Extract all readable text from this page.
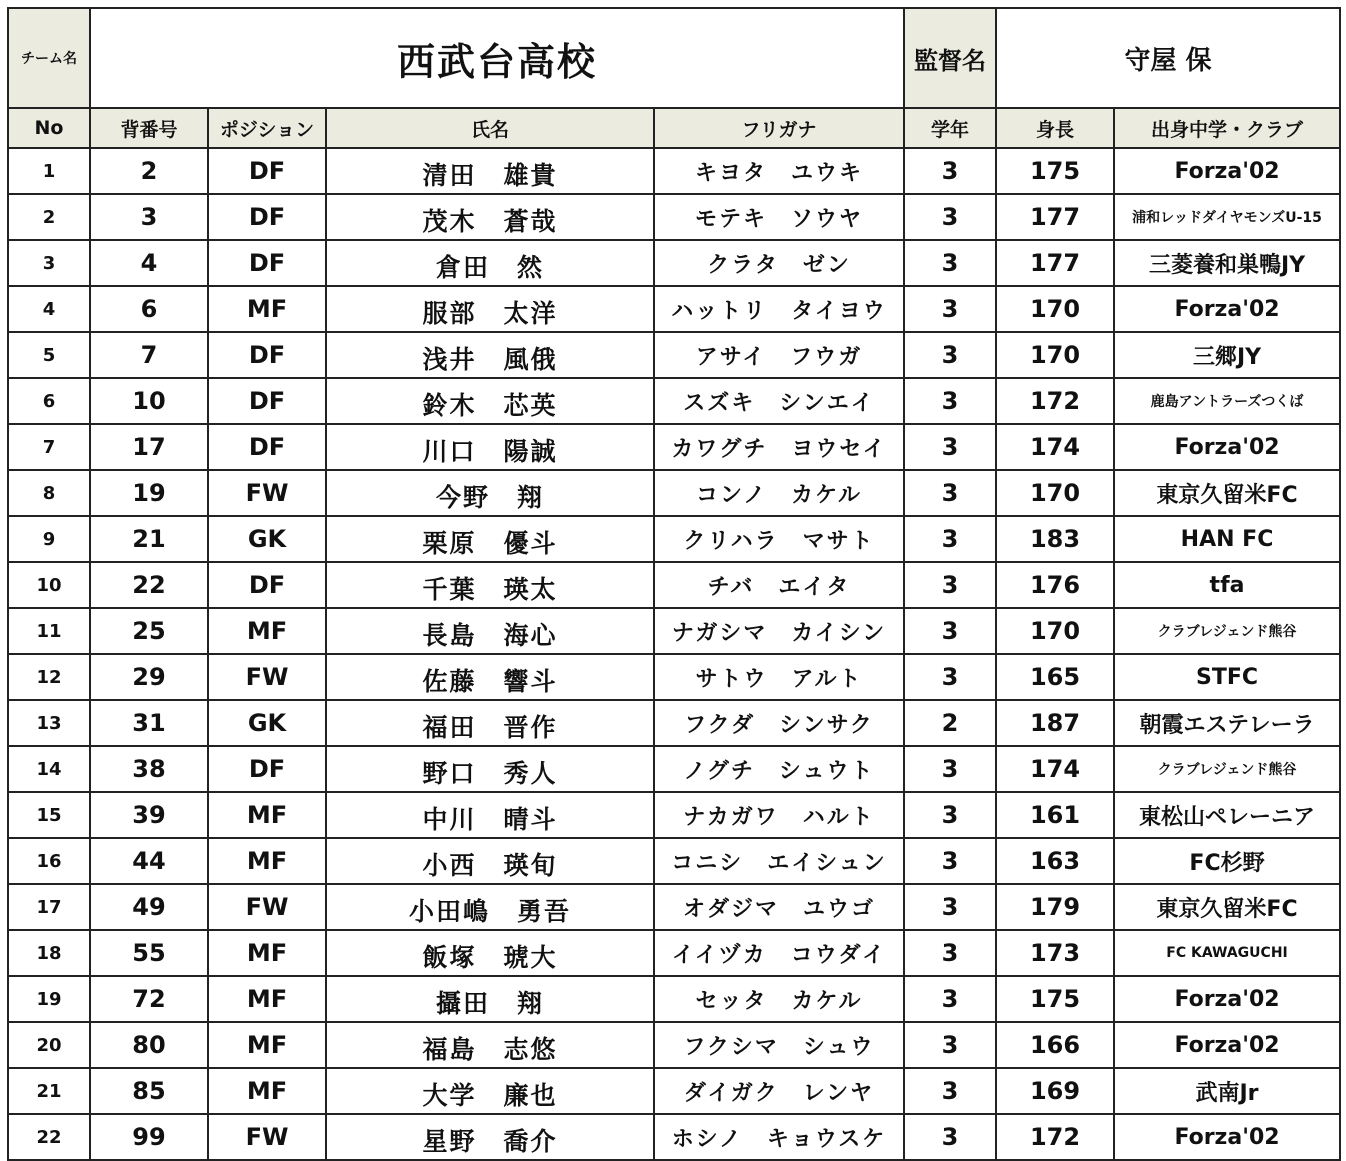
チーム名	西武台高校				監督名	守屋 保	
No	背番号	ポジション	氏名	フリガナ	学年	身長	出身中学・クラブ
1	2	DF	清田　雄貴	キヨタ　ユウキ	3	175	Forza'02
2	3	DF	茂木　蒼哉	モテキ　ソウヤ	3	177	浦和レッドダイヤモンズU-15
3	4	DF	倉田　然	クラタ　ゼン	3	177	三菱養和巣鴨JY
4	6	MF	服部　太洋	ハットリ　タイヨウ	3	170	Forza'02
5	7	DF	浅井　風俄	アサイ　フウガ	3	170	三郷JY
6	10	DF	鈴木　芯英	スズキ　シンエイ	3	172	鹿島アントラーズつくば
7	17	DF	川口　陽誠	カワグチ　ヨウセイ	3	174	Forza'02
8	19	FW	今野　翔	コンノ　カケル	3	170	東京久留米FC
9	21	GK	栗原　優斗	クリハラ　マサト	3	183	HAN FC
10	22	DF	千葉　瑛太	チバ　エイタ	3	176	tfa
11	25	MF	長島　海心	ナガシマ　カイシン	3	170	クラブレジェンド熊谷
12	29	FW	佐藤　響斗	サトウ　アルト	3	165	STFC
13	31	GK	福田　晋作	フクダ　シンサク	2	187	朝霞エステレーラ
14	38	DF	野口　秀人	ノグチ　シュウト	3	174	クラブレジェンド熊谷
15	39	MF	中川　晴斗	ナカガワ　ハルト	3	161	東松山ペレーニア
16	44	MF	小西　瑛旬	コニシ　エイシュン	3	163	FC杉野
17	49	FW	小田嶋　勇吾	オダジマ　ユウゴ	3	179	東京久留米FC
18	55	MF	飯塚　琥大	イイヅカ　コウダイ	3	173	FC KAWAGUCHI
19	72	MF	攝田　翔	セッタ　カケル	3	175	Forza'02
20	80	MF	福島　志悠	フクシマ　シュウ	3	166	Forza'02
21	85	MF	大学　廉也	ダイガク　レンヤ	3	169	武南Jr
22	99	FW	星野　喬介	ホシノ　キョウスケ	3	172	Forza'02
